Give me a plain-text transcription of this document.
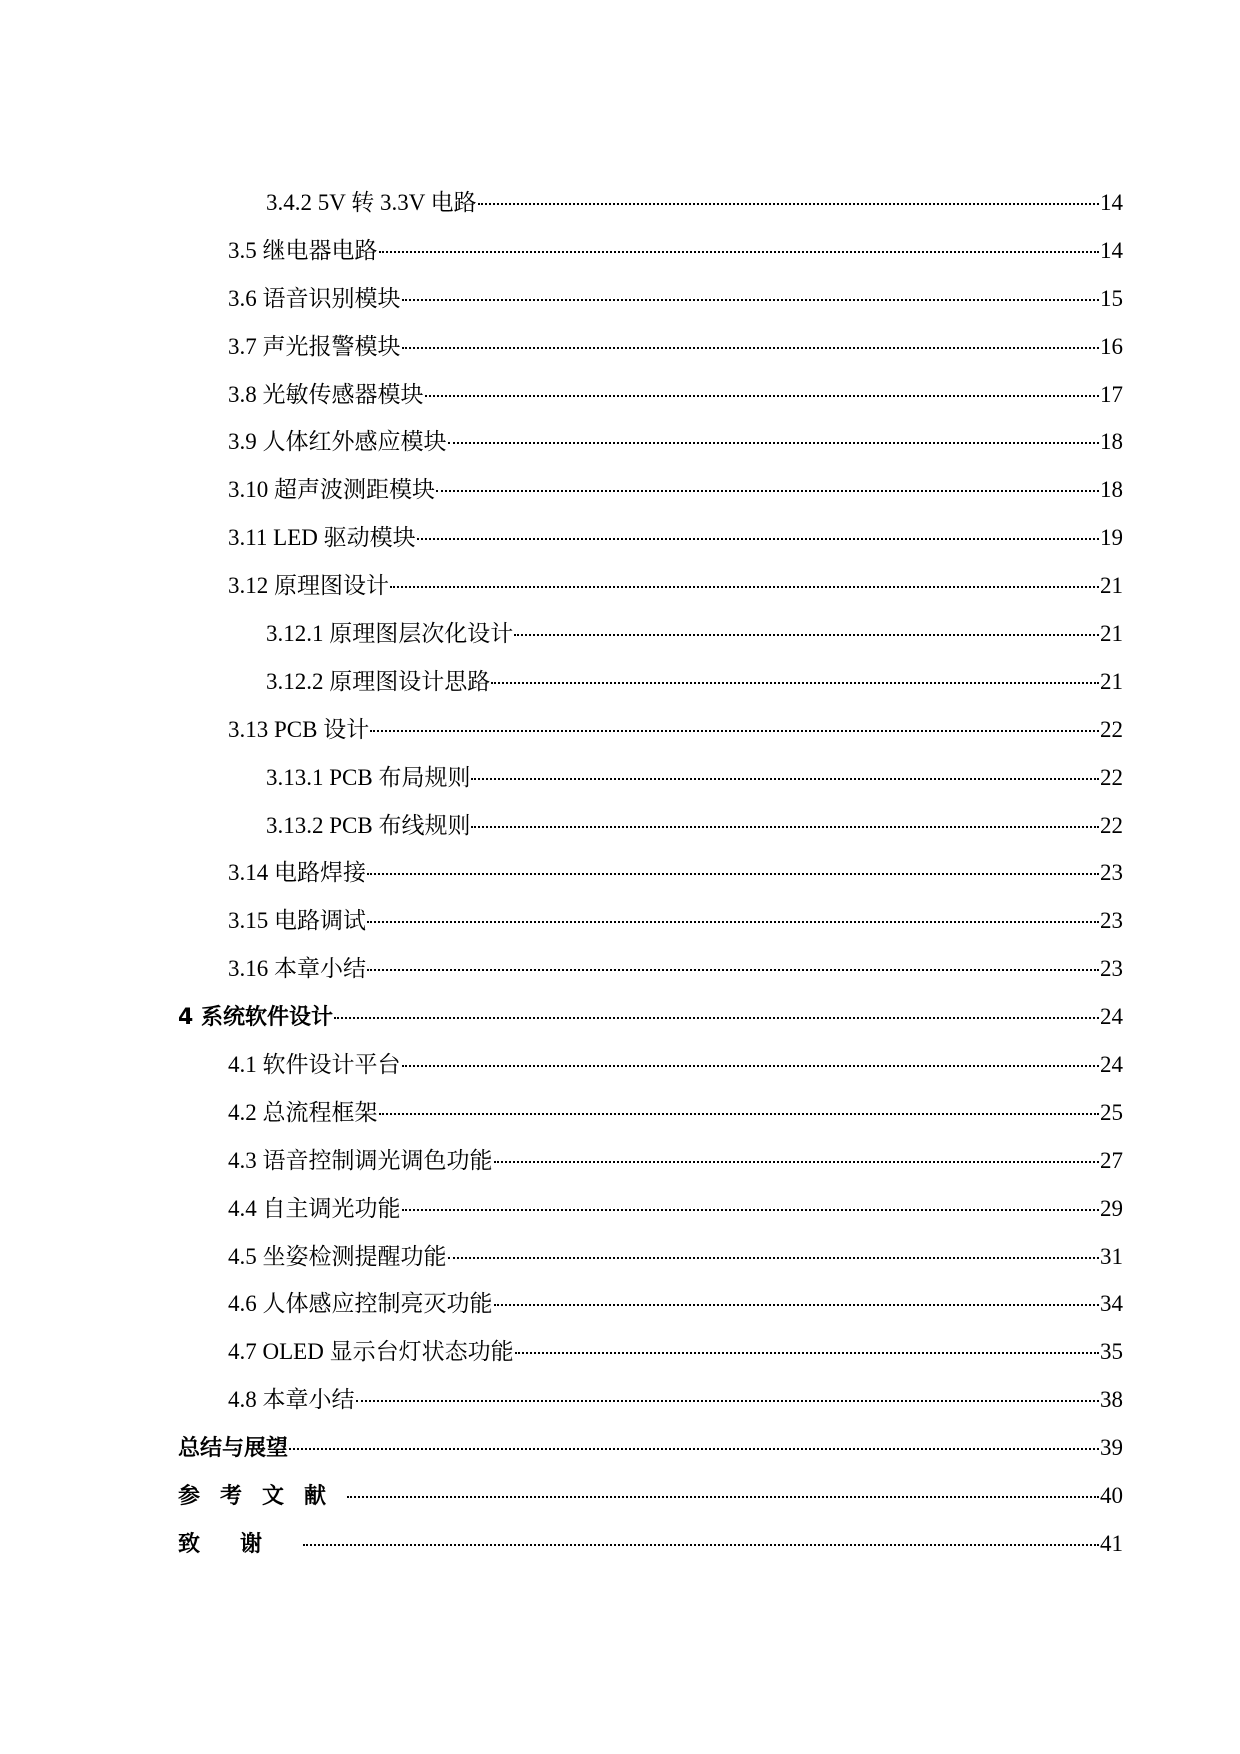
3.4.2 5V 转 3.3V 电路	14
3.5 继电器电路	14
3.6 语音识别模块	15
3.7 声光报警模块	16
3.8 光敏传感器模块	17
3.9 人体红外感应模块	18
3.10 超声波测距模块	18
3.11 LED 驱动模块	19
3.12 原理图设计	21
3.12.1 原理图层次化设计	21
3.12.2 原理图设计思路	21
3.13 PCB 设计	22
3.13.1 PCB 布局规则	22
3.13.2 PCB 布线规则	22
3.14 电路焊接	23
3.15 电路调试	23
3.16 本章小结	23
4 系统软件设计	24
4.1 软件设计平台	24
4.2 总流程框架	25
4.3 语音控制调光调色功能	27
4.4 自主调光功能	29
4.5 坐姿检测提醒功能	31
4.6 人体感应控制亮灭功能	34
4.7 OLED 显示台灯状态功能	35
4.8 本章小结	38
总结与展望	39
参考文献	40
致谢	41
